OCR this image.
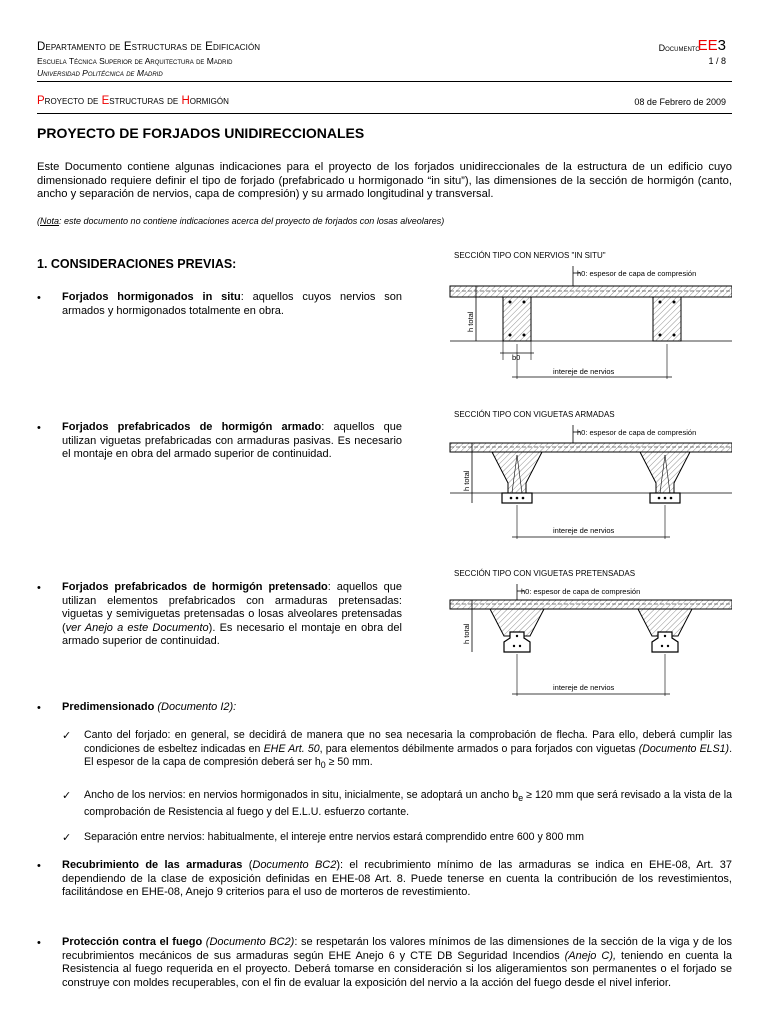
Departamento de Estructuras de Edificación
Escuela Técnica Superior de Arquitectura de Madrid
Universidad Politécnica de Madrid
Documento
EE3
1 / 8
Proyecto de Estructuras de Hormigón	08 de Febrero de 2009
PROYECTO DE FORJADOS UNIDIRECCIONALES
Este Documento contiene algunas indicaciones para el proyecto de los forjados unidireccionales de la estructura de un edificio cuyo dimensionado requiere definir el tipo de forjado (prefabricado u hormigonado “in situ”), las dimensiones de la sección de hormigón (canto, ancho y separación de nervios, capa de compresión) y su armado longitudinal y transversal.
(Nota: este documento no contiene indicaciones acerca del proyecto de forjados con losas alveolares)
1. CONSIDERACIONES PREVIAS:
• Forjados hormigonados in situ: aquellos cuyos nervios son armados y hormigonados totalmente en obra.
• Forjados prefabricados de hormigón armado: aquellos que utilizan viguetas prefabricadas con armaduras pasivas. Es necesario el montaje en obra del armado superior de continuidad.
• Forjados prefabricados de hormigón pretensado: aquellos que utilizan elementos prefabricados con armaduras pretensadas: viguetas y semiviguetas pretensadas o losas alveolares pretensadas (ver Anejo a este Documento). Es necesario el montaje en obra del armado superior de continuidad.
• Predimensionado (Documento I2):
✓ Canto del forjado: en general, se decidirá de manera que no sea necesaria la comprobación de flecha. Para ello, deberá cumplir las condiciones de esbeltez indicadas en EHE Art. 50, para elementos débilmente armados o para forjados con viguetas (Documento ELS1). El espesor de la capa de compresión deberá ser $h_0 \ge 50$ mm.
✓ Ancho de los nervios: en nervios hormigonados in situ, inicialmente, se adoptará un ancho $b_e \ge 120$ mm que será revisado a la vista de la comprobación de Resistencia al fuego y del E.L.U. esfuerzo cortante.
✓ Separación entre nervios: habitualmente, el intereje entre nervios estará comprendido entre 600 y 800 mm
• Recubrimiento de las armaduras (Documento BC2): el recubrimiento mínimo de las armaduras se indica en EHE-08, Art. 37 dependiendo de la clase de exposición definidas en EHE-08 Art. 8. Puede tenerse en cuenta la contribución de los revestimientos, facilitándose en EHE-08, Anejo 9 criterios para el uso de morteros de revestimiento.
• Protección contra el fuego (Documento BC2): se respetarán los valores mínimos de las dimensiones de la sección de la viga y de los recubrimientos mecánicos de sus armaduras según EHE Anejo 6 y CTE DB Seguridad Incendios (Anejo C), teniendo en cuenta la Resistencia al fuego requerida en el proyecto. Deberá tomarse en consideración si los aligeramientos son permanentes o el forjado se construye con moldes recuperables, con el fin de evaluar la exposición del nervio a la acción del fuego desde el nivel inferior.
SECCIÓN TIPO CON NERVIOS "IN SITU"
h0: espesor de capa de compresión
h total
b0
intereje de nervios
SECCIÓN TIPO CON VIGUETAS ARMADAS
h0: espesor de capa de compresión
h total
intereje de nervios
SECCIÓN TIPO CON VIGUETAS PRETENSADAS
h0: espesor de capa de compresión
h total
intereje de nervios
